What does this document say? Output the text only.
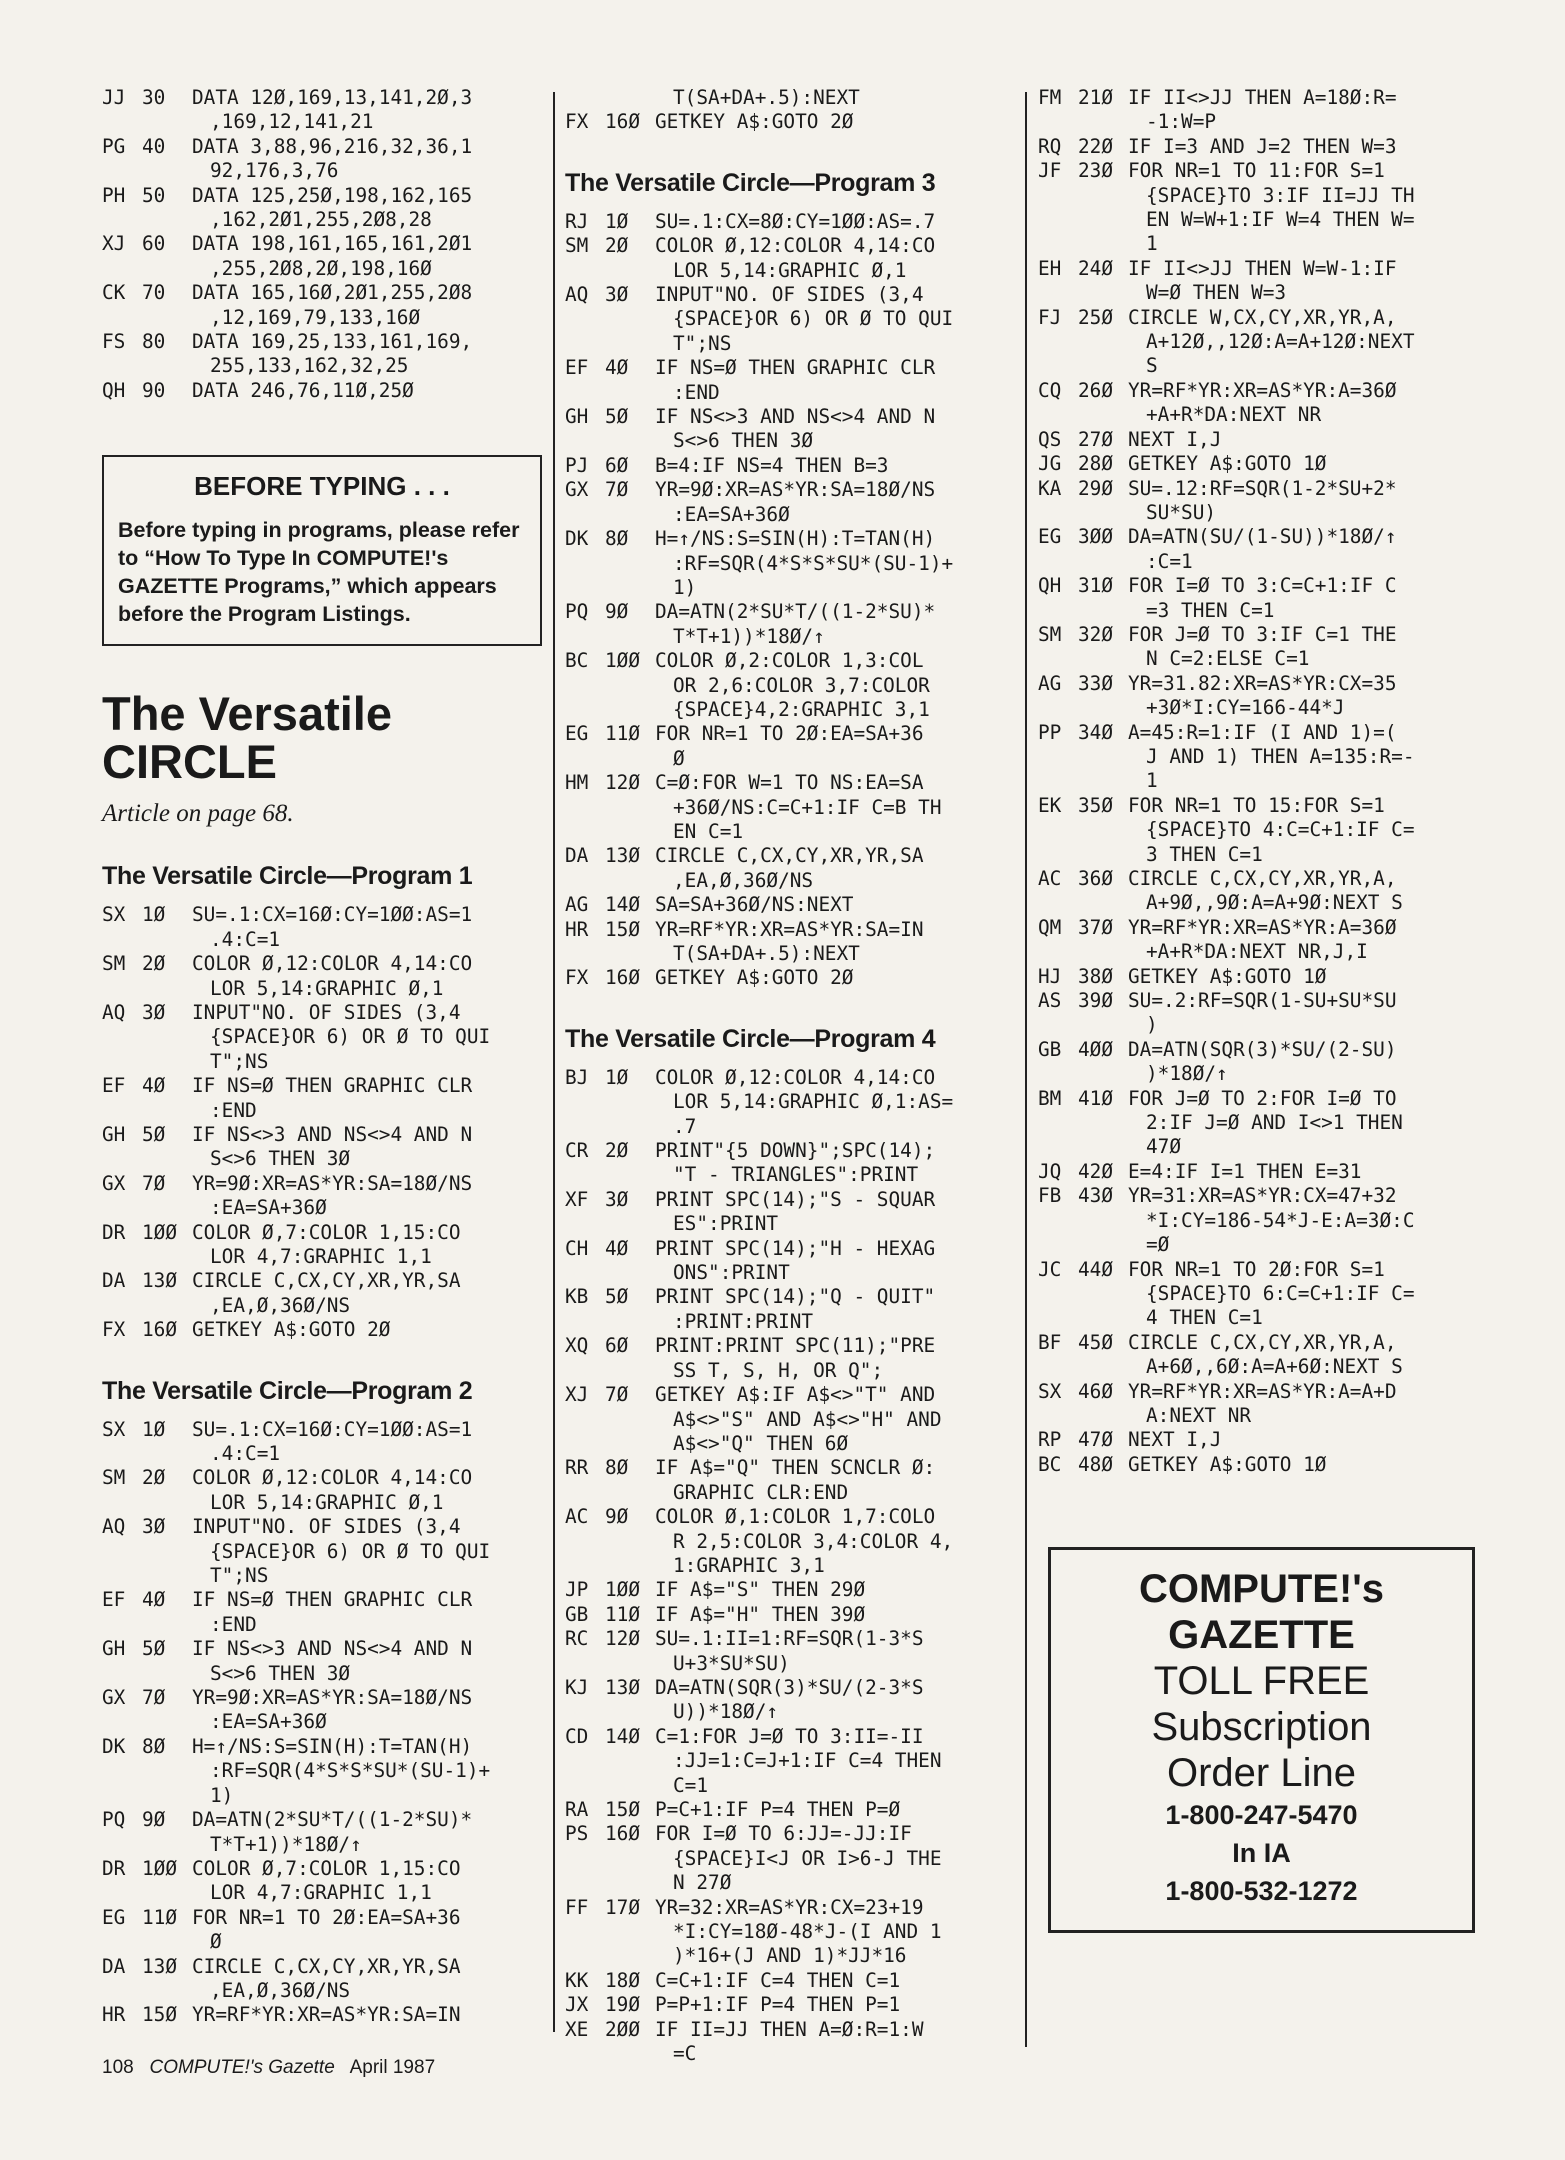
JJ 30	DATA 12Ø,169,13,141,2Ø,3
,169,12,141,21
PG 40	DATA 3,88,96,216,32,36,1
92,176,3,76
PH 50	DATA 125,25Ø,198,162,165
,162,2Ø1,255,2Ø8,28
XJ 60	DATA 198,161,165,161,2Ø1
,255,2Ø8,2Ø,198,16Ø
CK 70	DATA 165,16Ø,2Ø1,255,2Ø8
,12,169,79,133,16Ø
FS 80	DATA 169,25,133,161,169,
255,133,162,32,25
QH 90	DATA 246,76,11Ø,25Ø
BEFORE TYPING . . .
Before typing in programs, please refer to “How To Type In COMPUTE!'s GAZETTE Programs,” which appears before the Program Listings.
The Versatile
CIRCLE
Article on page 68.
The Versatile Circle—Program 1
SX 1Ø	SU=.1:CX=16Ø:CY=1ØØ:AS=1
.4:C=1
SM 2Ø	COLOR Ø,12:COLOR 4,14:CO
LOR 5,14:GRAPHIC Ø,1
AQ 3Ø	INPUT"NO. OF SIDES (3,4
{SPACE}OR 6) OR Ø TO QUI
T";NS
EF 4Ø	IF NS=Ø THEN GRAPHIC CLR
:END
GH 5Ø	IF NS<>3 AND NS<>4 AND N
S<>6 THEN 3Ø
GX 7Ø	YR=9Ø:XR=AS*YR:SA=18Ø/NS
:EA=SA+36Ø
DR 1ØØ COLOR Ø,7:COLOR 1,15:CO
LOR 4,7:GRAPHIC 1,1
DA 13Ø CIRCLE C,CX,CY,XR,YR,SA
,EA,Ø,36Ø/NS
FX 16Ø GETKEY A$:GOTO 2Ø
The Versatile Circle—Program 2
SX 1Ø	SU=.1:CX=16Ø:CY=1ØØ:AS=1
.4:C=1
SM 2Ø	COLOR Ø,12:COLOR 4,14:CO
LOR 5,14:GRAPHIC Ø,1
AQ 3Ø	INPUT"NO. OF SIDES (3,4
{SPACE}OR 6) OR Ø TO QUI
T";NS
EF 4Ø	IF NS=Ø THEN GRAPHIC CLR
:END
GH 5Ø	IF NS<>3 AND NS<>4 AND N
S<>6 THEN 3Ø
GX 7Ø	YR=9Ø:XR=AS*YR:SA=18Ø/NS
:EA=SA+36Ø
DK 8Ø	H=↑/NS:S=SIN(H):T=TAN(H)
:RF=SQR(4*S*S*SU*(SU-1)+
1)
PQ 9Ø	DA=ATN(2*SU*T/((1-2*SU)*
T*T+1))*18Ø/↑
DR 1ØØ COLOR Ø,7:COLOR 1,15:CO
LOR 4,7:GRAPHIC 1,1
EG 11Ø FOR NR=1 TO 2Ø:EA=SA+36
Ø
DA 13Ø CIRCLE C,CX,CY,XR,YR,SA
,EA,Ø,36Ø/NS
HR 15Ø YR=RF*YR:XR=AS*YR:SA=IN
T(SA+DA+.5):NEXT
FX 16Ø GETKEY A$:GOTO 2Ø
The Versatile Circle—Program 3
RJ 1Ø	SU=.1:CX=8Ø:CY=1ØØ:AS=.7
SM 2Ø	COLOR Ø,12:COLOR 4,14:CO
LOR 5,14:GRAPHIC Ø,1
AQ 3Ø	INPUT"NO. OF SIDES (3,4
{SPACE}OR 6) OR Ø TO QUI
T";NS
EF 4Ø	IF NS=Ø THEN GRAPHIC CLR
:END
GH 5Ø	IF NS<>3 AND NS<>4 AND N
S<>6 THEN 3Ø
PJ 6Ø	B=4:IF NS=4 THEN B=3
GX 7Ø	YR=9Ø:XR=AS*YR:SA=18Ø/NS
:EA=SA+36Ø
DK 8Ø	H=↑/NS:S=SIN(H):T=TAN(H)
:RF=SQR(4*S*S*SU*(SU-1)+
1)
PQ 9Ø	DA=ATN(2*SU*T/((1-2*SU)*
T*T+1))*18Ø/↑
BC 1ØØ COLOR Ø,2:COLOR 1,3:COL
OR 2,6:COLOR 3,7:COLOR
{SPACE}4,2:GRAPHIC 3,1
EG 11Ø FOR NR=1 TO 2Ø:EA=SA+36
Ø
HM 12Ø C=Ø:FOR W=1 TO NS:EA=SA
+36Ø/NS:C=C+1:IF C=B TH
EN C=1
DA 13Ø CIRCLE C,CX,CY,XR,YR,SA
,EA,Ø,36Ø/NS
AG 14Ø SA=SA+36Ø/NS:NEXT
HR 15Ø YR=RF*YR:XR=AS*YR:SA=IN
T(SA+DA+.5):NEXT
FX 16Ø GETKEY A$:GOTO 2Ø
The Versatile Circle—Program 4
BJ 1Ø	COLOR Ø,12:COLOR 4,14:CO
LOR 5,14:GRAPHIC Ø,1:AS=
.7
CR 2Ø	PRINT"{5 DOWN}";SPC(14);
"T - TRIANGLES":PRINT
XF 3Ø	PRINT SPC(14);"S - SQUAR
ES":PRINT
CH 4Ø	PRINT SPC(14);"H - HEXAG
ONS":PRINT
KB 5Ø	PRINT SPC(14);"Q - QUIT"
:PRINT:PRINT
XQ 6Ø	PRINT:PRINT SPC(11);"PRE
SS T, S, H, OR Q";
XJ 7Ø	GETKEY A$:IF A$<>"T" AND
A$<>"S" AND A$<>"H" AND
A$<>"Q" THEN 6Ø
RR 8Ø	IF A$="Q" THEN SCNCLR Ø:
GRAPHIC CLR:END
AC 9Ø	COLOR Ø,1:COLOR 1,7:COLO
R 2,5:COLOR 3,4:COLOR 4,
1:GRAPHIC 3,1
JP 1ØØ IF A$="S" THEN 29Ø
GB 11Ø IF A$="H" THEN 39Ø
RC 12Ø SU=.1:II=1:RF=SQR(1-3*S
U+3*SU*SU)
KJ 13Ø DA=ATN(SQR(3)*SU/(2-3*S
U))*18Ø/↑
CD 14Ø C=1:FOR J=Ø TO 3:II=-II
:JJ=1:C=J+1:IF C=4 THEN
C=1
RA 15Ø P=C+1:IF P=4 THEN P=Ø
PS 16Ø FOR I=Ø TO 6:JJ=-JJ:IF
{SPACE}I<J OR I>6-J THE
N 27Ø
FF 17Ø YR=32:XR=AS*YR:CX=23+19
*I:CY=18Ø-48*J-(I AND 1
)*16+(J AND 1)*JJ*16
KK 18Ø C=C+1:IF C=4 THEN C=1
JX 19Ø P=P+1:IF P=4 THEN P=1
XE 2ØØ IF II=JJ THEN A=Ø:R=1:W
=C
FM 21Ø IF II<>JJ THEN A=18Ø:R=
-1:W=P
RQ 22Ø IF I=3 AND J=2 THEN W=3
JF 23Ø FOR NR=1 TO 11:FOR S=1
{SPACE}TO 3:IF II=JJ TH
EN W=W+1:IF W=4 THEN W=
1
EH 24Ø IF II<>JJ THEN W=W-1:IF
W=Ø THEN W=3
FJ 25Ø CIRCLE W,CX,CY,XR,YR,A,
A+12Ø,,12Ø:A=A+12Ø:NEXT
S
CQ 26Ø YR=RF*YR:XR=AS*YR:A=36Ø
+A+R*DA:NEXT NR
QS 27Ø NEXT I,J
JG 28Ø GETKEY A$:GOTO 1Ø
KA 29Ø SU=.12:RF=SQR(1-2*SU+2*
SU*SU)
EG 3ØØ DA=ATN(SU/(1-SU))*18Ø/↑
:C=1
QH 31Ø FOR I=Ø TO 3:C=C+1:IF C
=3 THEN C=1
SM 32Ø FOR J=Ø TO 3:IF C=1 THE
N C=2:ELSE C=1
AG 33Ø YR=31.82:XR=AS*YR:CX=35
+3Ø*I:CY=166-44*J
PP 34Ø A=45:R=1:IF (I AND 1)=(
J AND 1) THEN A=135:R=-
1
EK 35Ø FOR NR=1 TO 15:FOR S=1
{SPACE}TO 4:C=C+1:IF C=
3 THEN C=1
AC 36Ø CIRCLE C,CX,CY,XR,YR,A,
A+9Ø,,9Ø:A=A+9Ø:NEXT S
QM 37Ø YR=RF*YR:XR=AS*YR:A=36Ø
+A+R*DA:NEXT NR,J,I
HJ 38Ø GETKEY A$:GOTO 1Ø
AS 39Ø SU=.2:RF=SQR(1-SU+SU*SU
)
GB 4ØØ DA=ATN(SQR(3)*SU/(2-SU)
)*18Ø/↑
BM 41Ø FOR J=Ø TO 2:FOR I=Ø TO
2:IF J=Ø AND I<>1 THEN
47Ø
JQ 42Ø E=4:IF I=1 THEN E=31
FB 43Ø YR=31:XR=AS*YR:CX=47+32
*I:CY=186-54*J-E:A=3Ø:C
=Ø
JC 44Ø FOR NR=1 TO 2Ø:FOR S=1
{SPACE}TO 6:C=C+1:IF C=
4 THEN C=1
BF 45Ø CIRCLE C,CX,CY,XR,YR,A,
A+6Ø,,6Ø:A=A+6Ø:NEXT S
SX 46Ø YR=RF*YR:XR=AS*YR:A=A+D
A:NEXT NR
RP 47Ø NEXT I,J
BC 48Ø GETKEY A$:GOTO 1Ø
COMPUTE!'s
GAZETTE
TOLL FREE
Subscription
Order Line
1-800-247-5470
In IA
1-800-532-1272
108 COMPUTE!'s Gazette April 1987
